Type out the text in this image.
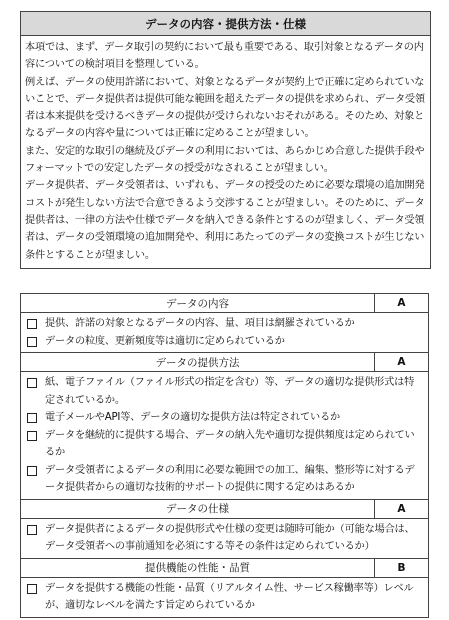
データの内容・提供方法・仕様

本項では、まず、データ取引の契約において最も重要である、取引対象となるデータの内容についての検討項目を整理している。

例えば、データの使用許諾において、対象となるデータが契約上で正確に定められていないことで、データ提供者は提供可能な範囲を超えたデータの提供を求められ、データ受領者は本来提供を受けるべきデータの提供が受けられないおそれがある。そのため、対象となるデータの内容や量については正確に定めることが望ましい。

また、安定的な取引の継続及びデータの利用においては、あらかじめ合意した提供手段やフォーマットでの安定したデータの授受がなされることが望ましい。

データ提供者、データ受領者は、いずれも、データの授受のために必要な環境の追加開発コストが発生しない方法で合意できるよう交渉することが望ましい。そのために、データ提供者は、一律の方法や仕様でデータを納入できる条件とするのが望ましく、データ受領者は、データの受領環境の追加開発や、利用にあたってのデータの変換コストが生じない条件とすることが望ましい。

データの内容	A

提供、許諾の対象となるデータの内容、量、項目は網羅されているか
データの粒度、更新頻度等は適切に定められているか	

データの提供方法	A

紙、電子ファイル（ファイル形式の指定を含む）等、データの適切な提供形式は特定されているか。
電子メールやAPI等、データの適切な提供方法は特定されているか
データを継続的に提供する場合、データの納入先や適切な提供頻度は定められているか
データ受領者によるデータの利用に必要な範囲での加工、編集、整形等に対するデータ提供者からの適切な技術的サポートの提供に関する定めはあるか	

データの仕様	A

データ提供者によるデータの提供形式や仕様の変更は随時可能か（可能な場合は、データ受領者への事前通知を必須にする等その条件は定められているか）	

提供機能の性能・品質	B

データを提供する機能の性能・品質（リアルタイム性、サービス稼働率等）レベルが、適切なレベルを満たす旨定められているか	
